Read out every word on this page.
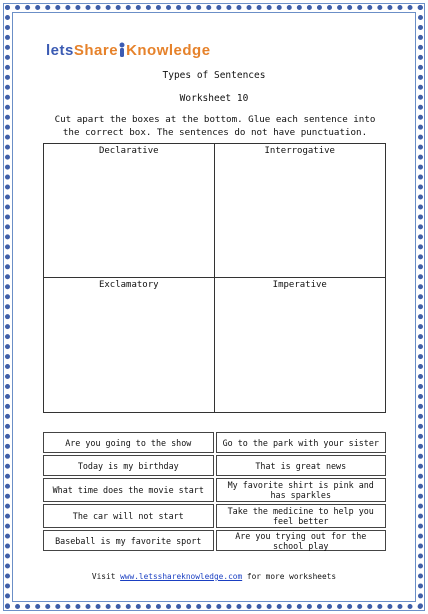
lets Share Knowledge
Types of Sentences
Worksheet 10
Cut apart the boxes at the bottom. Glue each sentence into the correct box. The sentences do not have punctuation.
Declarative	Interrogative
Exclamatory	Imperative
Are you going to the show	Go to the park with your sister
Today is my birthday	That is great news
What time does the movie start	My favorite shirt is pink and has sparkles
The car will not start	Take the medicine to help you feel better
Baseball is my favorite sport	Are you trying out for the school play
Visit www.letsshareknowledge.com for more worksheets
